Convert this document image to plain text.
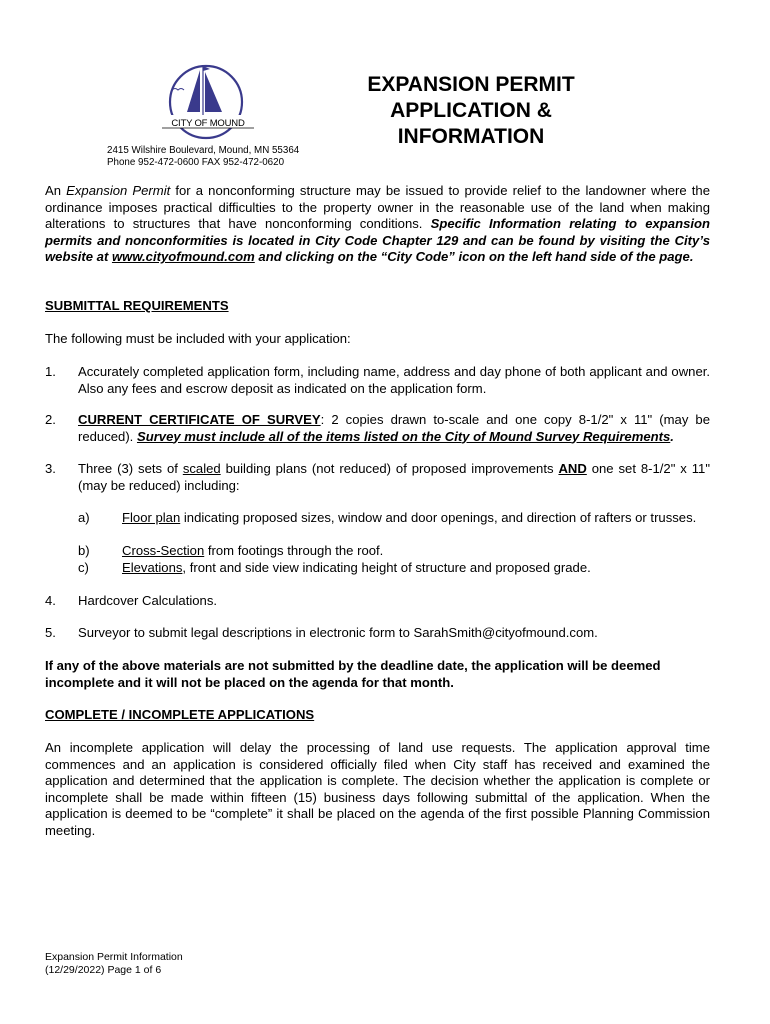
CITY OF MOUND
2415 Wilshire Boulevard, Mound, MN 55364
Phone 952-472-0600 FAX 952-472-0620
EXPANSION PERMIT
APPLICATION &
INFORMATION
An Expansion Permit for a nonconforming structure may be issued to provide relief to the landowner where the ordinance imposes practical difficulties to the property owner in the reasonable use of the land when making alterations to structures that have nonconforming conditions. Specific Information relating to expansion permits and nonconformities is located in City Code Chapter 129 and can be found by visiting the City’s website at www.cityofmound.com and clicking on the “City Code” icon on the left hand side of the page.
SUBMITTAL REQUIREMENTS
The following must be included with your application:
1. Accurately completed application form, including name, address and day phone of both applicant and owner. Also any fees and escrow deposit as indicated on the application form.
2. CURRENT CERTIFICATE OF SURVEY: 2 copies drawn to-scale and one copy 8-1/2" x 11" (may be reduced). Survey must include all of the items listed on the City of Mound Survey Requirements.
3. Three (3) sets of scaled building plans (not reduced) of proposed improvements AND one set 8-1/2" x 11" (may be reduced) including:
a) Floor plan indicating proposed sizes, window and door openings, and direction of rafters or trusses.
b) Cross-Section from footings through the roof.
c)	Elevations, front and side view indicating height of structure and proposed grade.
4. Hardcover Calculations.
5. Surveyor to submit legal descriptions in electronic form to SarahSmith@cityofmound.com.
If any of the above materials are not submitted by the deadline date, the application will be deemed incomplete and it will not be placed on the agenda for that month.
COMPLETE / INCOMPLETE APPLICATIONS
An incomplete application will delay the processing of land use requests. The application approval time commences and an application is considered officially filed when City staff has received and examined the application and determined that the application is complete. The decision whether the application is complete or incomplete shall be made within fifteen (15) business days following submittal of the application. When the application is deemed to be “complete” it shall be placed on the agenda of the first possible Planning Commission meeting.
Expansion Permit Information
(12/29/2022) Page 1 of 6
